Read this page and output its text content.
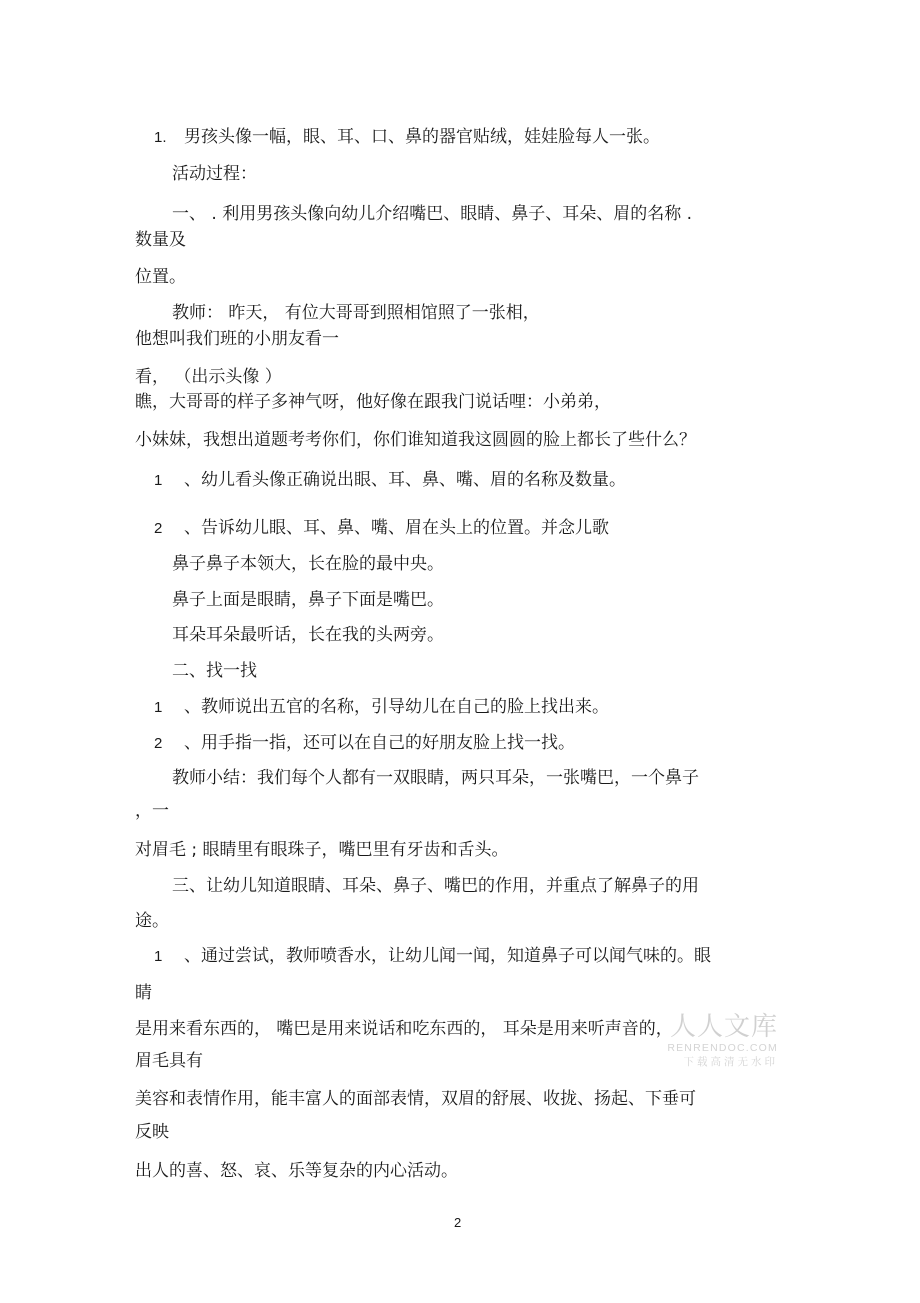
1. 男孩头像一幅，眼、耳、口、鼻的器官贴绒，娃娃脸每人一张。
活动过程：
一、 . 利用男孩头像向幼儿介绍嘴巴、眼睛、鼻子、耳朵、眉的名称 .
数量及
位置。
教师： 昨天， 有位大哥哥到照相馆照了一张相，
他想叫我们班的小朋友看一
看， （出示头像 ）
瞧，大哥哥的样子多神气呀，他好像在跟我门说话哩：小弟弟，
小妹妹，我想出道题考考你们，你们谁知道我这圆圆的脸上都长了些什么？
1 、幼儿看头像正确说出眼、耳、鼻、嘴、眉的名称及数量。
2 、告诉幼儿眼、耳、鼻、嘴、眉在头上的位置。并念儿歌
鼻子鼻子本领大，长在脸的最中央。
鼻子上面是眼睛，鼻子下面是嘴巴。
耳朵耳朵最听话，长在我的头两旁。
二、找一找
1 、教师说出五官的名称，引导幼儿在自己的脸上找出来。
2 、用手指一指，还可以在自己的好朋友脸上找一找。
教师小结：我们每个人都有一双眼睛，两只耳朵，一张嘴巴，一个鼻子
，一
对眉毛 ; 眼睛里有眼珠子，嘴巴里有牙齿和舌头。
三、让幼儿知道眼睛、耳朵、鼻子、嘴巴的作用，并重点了解鼻子的用
途。
1 、通过尝试，教师喷香水，让幼儿闻一闻，知道鼻子可以闻气味的。眼
睛
是用来看东西的， 嘴巴是用来说话和吃东西的， 耳朵是用来听声音的，
眉毛具有
美容和表情作用，能丰富人的面部表情，双眉的舒展、收拢、扬起、下垂可
反映
出人的喜、怒、哀、乐等复杂的内心活动。
人人文库
RENRENDOC.COM
下载高清无水印
2
